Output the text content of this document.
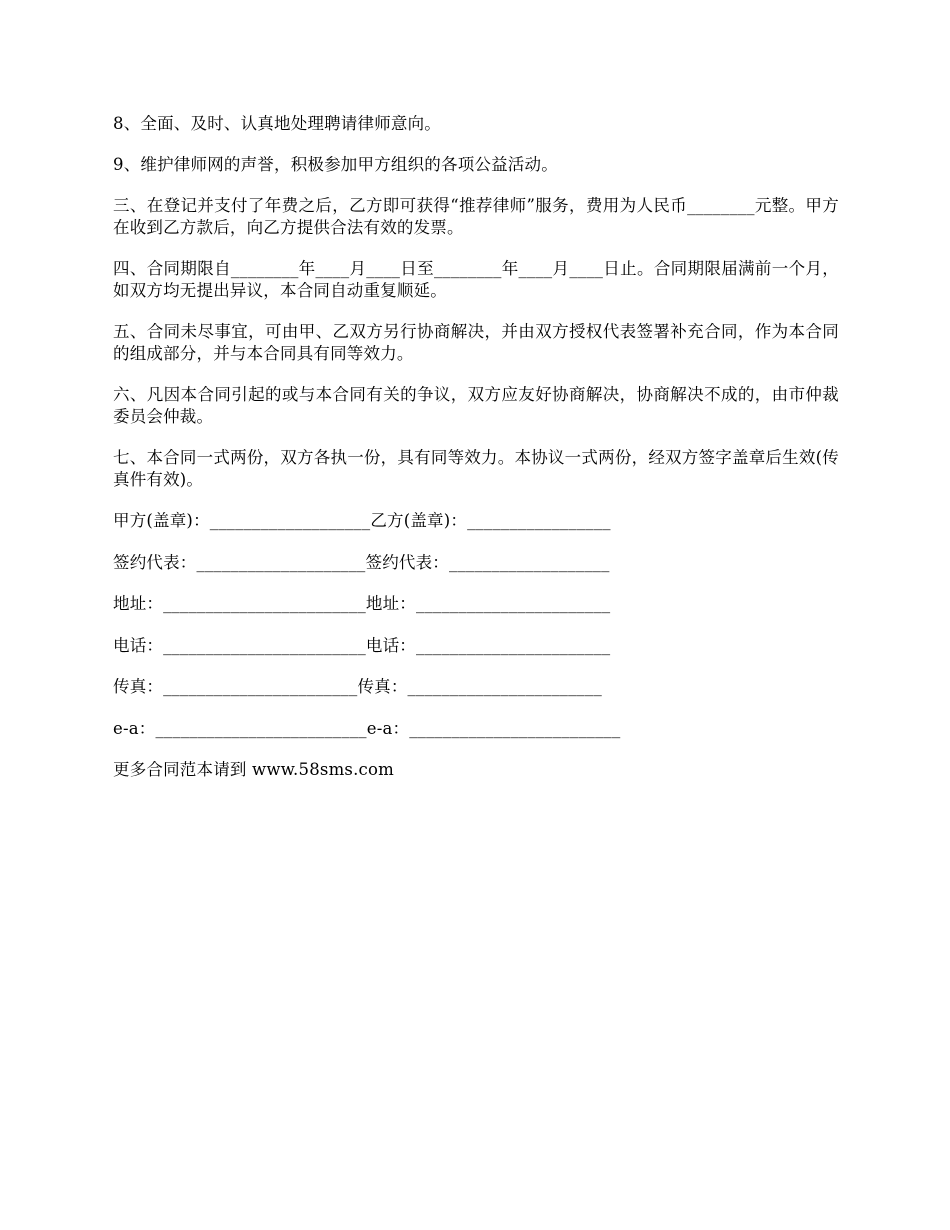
8、全面、及时、认真地处理聘请律师意向。

9、维护律师网的声誉，积极参加甲方组织的各项公益活动。

三、在登记并支付了年费之后，乙方即可获得“推荐律师”服务，费用为人民币________元整。甲方在收到乙方款后，向乙方提供合法有效的发票。

四、合同期限自________年____月____日至________年____月____日止。合同期限届满前一个月，如双方均无提出异议，本合同自动重复顺延。

五、合同未尽事宜，可由甲、乙双方另行协商解决，并由双方授权代表签署补充合同，作为本合同的组成部分，并与本合同具有同等效力。

六、凡因本合同引起的或与本合同有关的争议，双方应友好协商解决，协商解决不成的，由市仲裁委员会仲裁。

七、本合同一式两份，双方各执一份，具有同等效力。本协议一式两份，经双方签字盖章后生效(传真件有效)。

甲方(盖章)：___________________乙方(盖章)：_________________
签约代表：____________________签约代表：___________________
地址：________________________地址：_______________________
电话：________________________电话：_______________________
传真：_______________________传真：_______________________
e-a：_________________________e-a：_________________________
更多合同范本请到 www.58sms.com
